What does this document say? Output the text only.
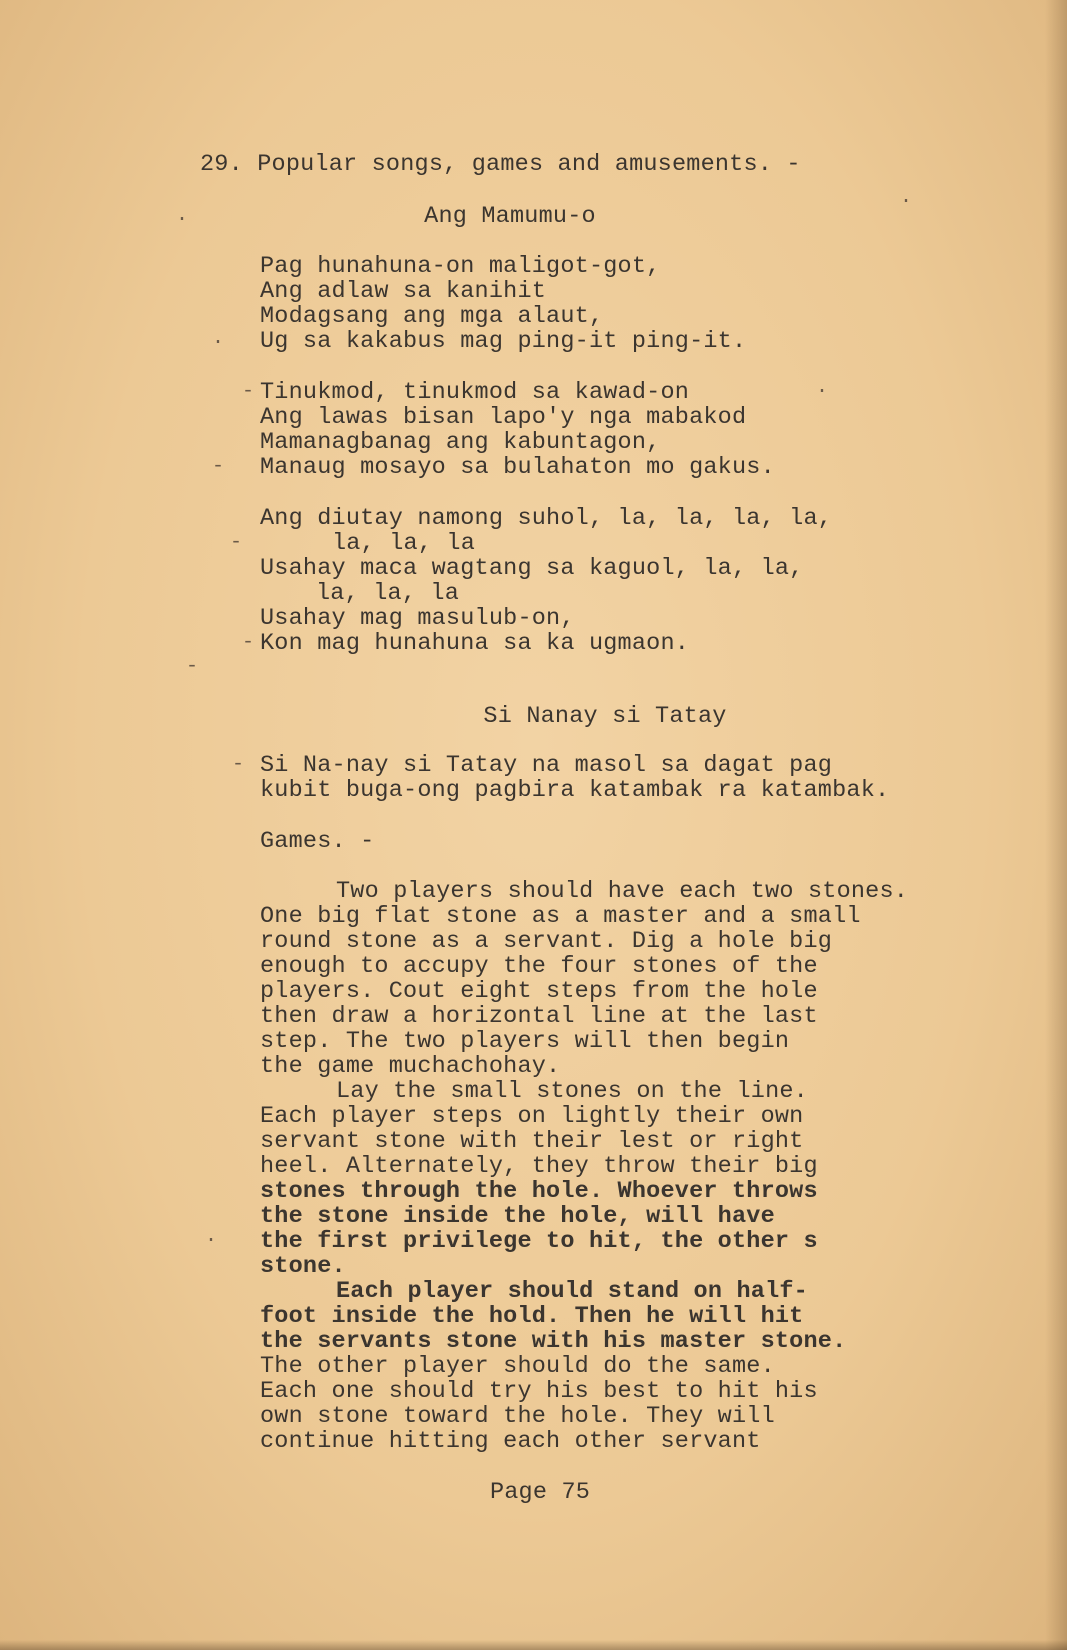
29. Popular songs, games and amusements. -
Ang Mamumu-o
Pag hunahuna-on maligot-got,
Ang adlaw sa kanihit
Modagsang ang mga alaut,
Ug sa kakabus mag ping-it ping-it.
Tinukmod, tinukmod sa kawad-on
Ang lawas bisan lapo'y nga mabakod
Mamanagbanag ang kabuntagon,
Manaug mosayo sa bulahaton mo gakus.
Ang diutay namong suhol, la, la, la, la,
la, la, la
Usahay maca wagtang sa kaguol, la, la,
la, la, la
Usahay mag masulub-on,
Kon mag hunahuna sa ka ugmaon.
Si Nanay si Tatay
Si Na-nay si Tatay na masol sa dagat pag
kubit buga-ong pagbira katambak ra katambak.
Games. -
Two players should have each two stones.
One big flat stone as a master and a small
round stone as a servant. Dig a hole big
enough to accupy the four stones of the
players. Cout eight steps from the hole
then draw a horizontal line at the last
step. The two players will then begin
the game muchachohay.
Lay the small stones on the line.
Each player steps on lightly their own
servant stone with their lest or right
heel. Alternately, they throw their big
stones through the hole. Whoever throws
the stone inside the hole, will have
the first privilege to hit, the other s
stone.
Each player should stand on half-
foot inside the hold. Then he will hit
the servants stone with his master stone.
The other player should do the same.
Each one should try his best to hit his
own stone toward the hole. They will
continue hitting each other servant
Page 75
·
·
-
-
-
-
-
-
·
·
·
